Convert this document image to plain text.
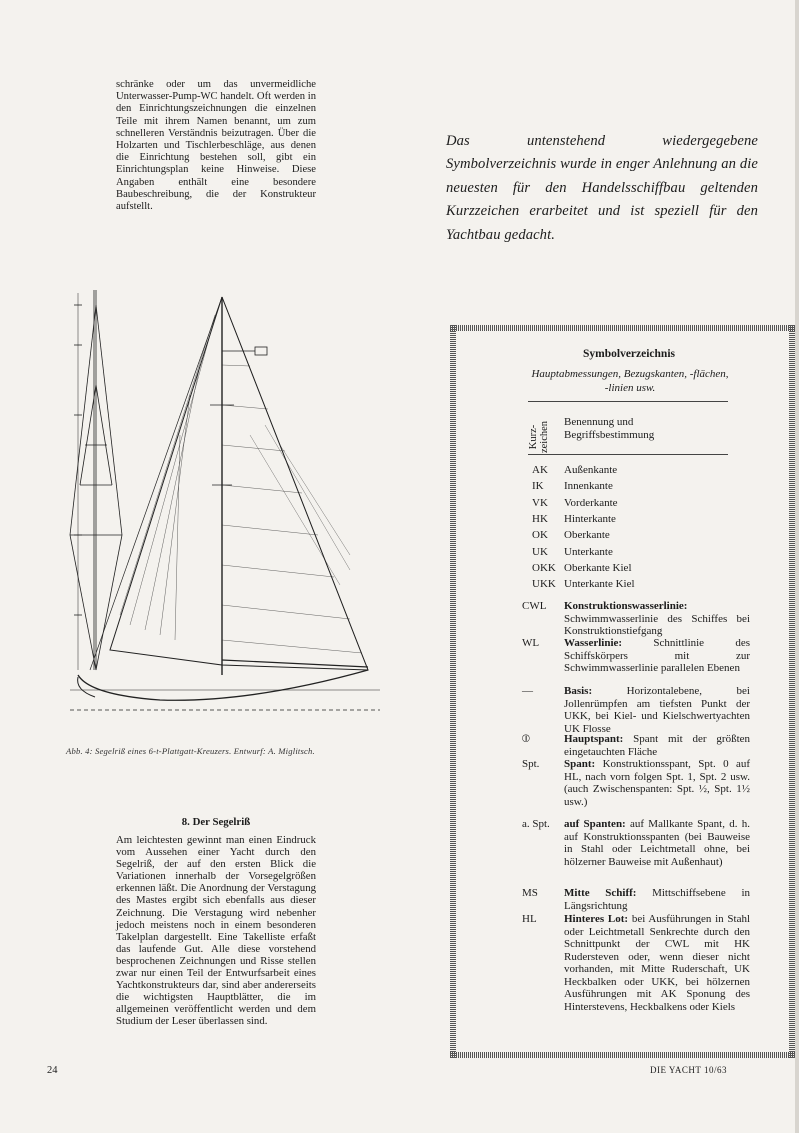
schränke oder um das unvermeidliche Unterwasser-Pump-WC handelt. Oft werden in den Einrichtungszeichnungen die einzelnen Teile mit ihrem Namen benannt, um zum schnelleren Verständnis beizutragen. Über die Holzarten und Tischlerbeschläge, aus denen die Einrichtung bestehen soll, gibt ein Einrichtungsplan keine Hinweise. Diese Angaben enthält eine besondere Baubeschreibung, die der Konstrukteur aufstellt.
Das untenstehend wiedergegebene Symbolverzeichnis wurde in enger Anlehnung an die neuesten für den Handelsschiffbau geltenden Kurzzeichen erarbeitet und ist speziell für den Yachtbau gedacht.
Abb. 4: Segelriß eines 6-t-Plattgatt-Kreuzers. Entwurf: A. Miglitsch.
8. Der Segelriß
Am leichtesten gewinnt man einen Eindruck vom Aussehen einer Yacht durch den Segelriß, der auf den ersten Blick die Variationen innerhalb der Vorsegelgrößen erkennen läßt. Die Anordnung der Verstagung des Mastes ergibt sich ebenfalls aus dieser Zeichnung. Die Verstagung wird nebenher jedoch meistens noch in einem besonderen Takelplan dargestellt. Eine Takelliste erfaßt das laufende Gut. Alle diese vorstehend besprochenen Zeichnungen und Risse stellen zwar nur einen Teil der Entwurfsarbeit eines Yachtkonstrukteurs dar, sind aber andererseits die wichtigsten Hauptblätter, die im allgemeinen veröffentlicht werden und dem Studium der Leser überlassen sind.
Symbolverzeichnis
Hauptabmessungen, Bezugskanten, -flächen, -linien usw.
Kurz-zeichen	Benennung und Begriffsbestimmung
AK	Außenkante
IK	Innenkante
VK	Vorderkante
HK	Hinterkante
OK	Oberkante
UK	Unterkante
OKK Oberkante Kiel
UKK Unterkante Kiel
CWL	Konstruktionswasserlinie: Schwimmwasserlinie des Schiffes bei Konstruktionstiefgang
WL	Wasserlinie:	Schnittlinie des Schiffskörpers mit zur Schwimmwasserlinie parallelen Ebenen
—	Basis:	Horizontalebene, bei Jollenrümpfen am tiefsten Punkt der UKK, bei Kiel- und Kielschwertyachten UK Flosse
⦶	Hauptspant: Spant mit der größten eingetauchten Fläche
Spt.	Spant: Konstruktionsspant, Spt. 0 auf HL, nach vorn folgen Spt. 1, Spt. 2 usw. (auch Zwischenspanten: Spt. ½, Spt. 1½ usw.)
a. Spt.	auf Spanten: auf Mallkante Spant, d. h. auf Konstruktionsspanten (bei Bauweise in Stahl oder Leichtmetall ohne, bei hölzerner Bauweise mit Außenhaut)
MS	Mitte Schiff: Mittschiffsebene in Längsrichtung
HL	Hinteres Lot: bei Ausführungen in Stahl oder Leichtmetall Senkrechte durch den Schnittpunkt der CWL mit HK Rudersteven oder, wenn dieser nicht vorhanden, mit Mitte Ruderschaft, UK Heckbalken oder UKK, bei hölzernen Ausführungen mit AK Sponung des Hinterstevens, Heckbalkens oder Kiels
24	DIE YACHT 10/63
